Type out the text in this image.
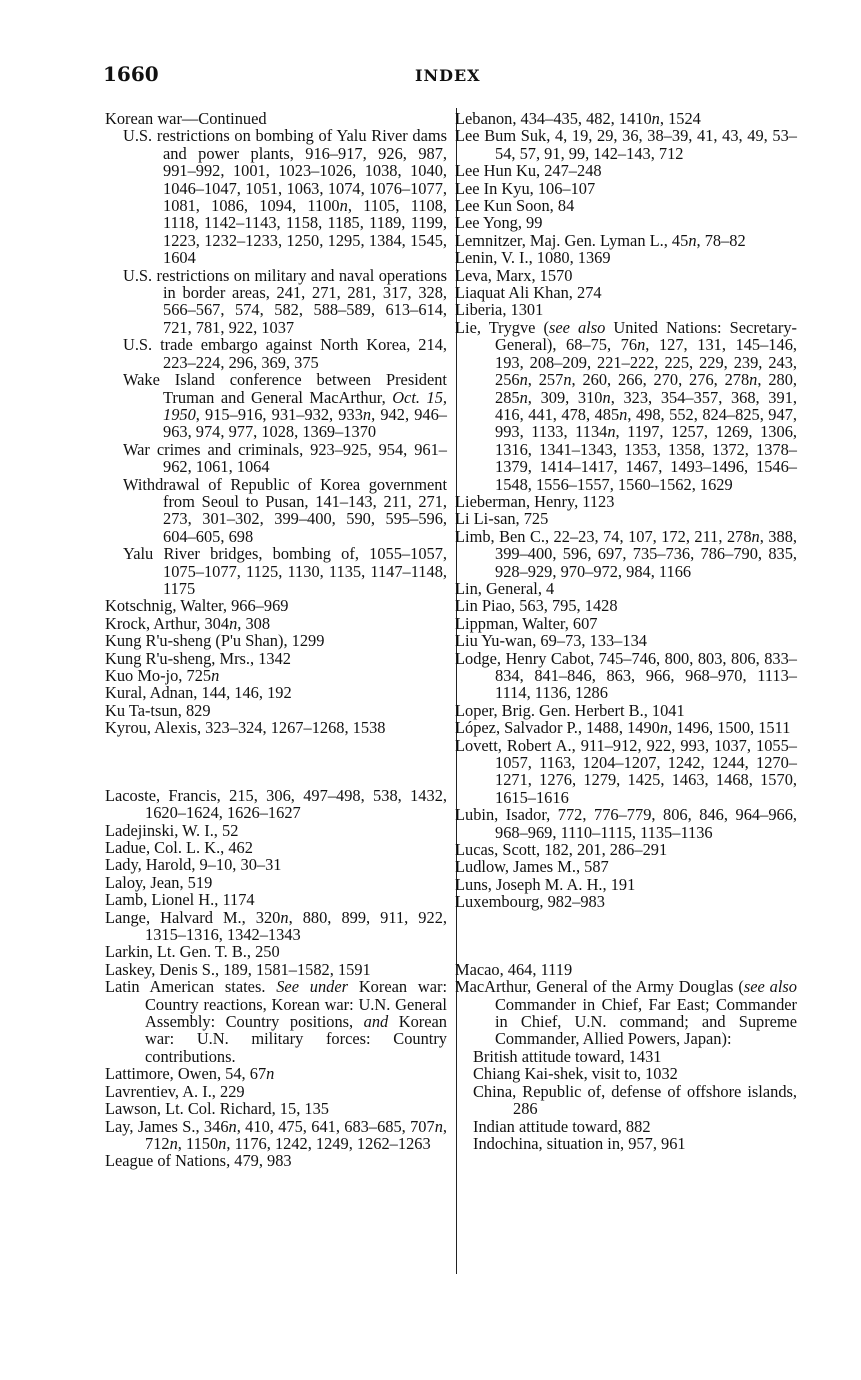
1660	INDEX

Korean war—Continued

U.S. restrictions on bombing of Yalu River dams and power plants, 916–917, 926, 987, 991–992, 1001, 1023–1026, 1038, 1040, 1046–1047, 1051, 1063, 1074, 1076–1077, 1081, 1086, 1094, 1100n, 1105, 1108, 1118, 1142–1143, 1158, 1185, 1189, 1199, 1223, 1232–1233, 1250, 1295, 1384, 1545, 1604

U.S. restrictions on military and naval operations in border areas, 241, 271, 281, 317, 328, 566–567, 574, 582, 588–589, 613–614, 721, 781, 922, 1037

U.S. trade embargo against North Korea, 214, 223–224, 296, 369, 375

Wake Island conference between President Truman and General MacArthur, Oct. 15, 1950, 915–916, 931–932, 933n, 942, 946–963, 974, 977, 1028, 1369–1370

War crimes and criminals, 923–925, 954, 961–962, 1061, 1064

Withdrawal of Republic of Korea government from Seoul to Pusan, 141–143, 211, 271, 273, 301–302, 399–400, 590, 595–596, 604–605, 698

Yalu River bridges, bombing of, 1055–1057, 1075–1077, 1125, 1130, 1135, 1147–1148, 1175

Kotschnig, Walter, 966–969

Krock, Arthur, 304n, 308

Kung R'u-sheng (P'u Shan), 1299

Kung R'u-sheng, Mrs., 1342

Kuo Mo-jo, 725n

Kural, Adnan, 144, 146, 192

Ku Ta-tsun, 829

Kyrou, Alexis, 323–324, 1267–1268, 1538

Lacoste, Francis, 215, 306, 497–498, 538, 1432, 1620–1624, 1626–1627

Ladejinski, W. I., 52

Ladue, Col. L. K., 462

Lady, Harold, 9–10, 30–31

Laloy, Jean, 519

Lamb, Lionel H., 1174

Lange, Halvard M., 320n, 880, 899, 911, 922, 1315–1316, 1342–1343

Larkin, Lt. Gen. T. B., 250

Laskey, Denis S., 189, 1581–1582, 1591

Latin American states. See under Korean war: Country reactions, Korean war: U.N. General Assembly: Country positions, and Korean war: U.N. military forces: Country contributions.

Lattimore, Owen, 54, 67n

Lavrentiev, A. I., 229

Lawson, Lt. Col. Richard, 15, 135

Lay, James S., 346n, 410, 475, 641, 683–685, 707n, 712n, 1150n, 1176, 1242, 1249, 1262–1263

League of Nations, 479, 983

Lebanon, 434–435, 482, 1410n, 1524

Lee Bum Suk, 4, 19, 29, 36, 38–39, 41, 43, 49, 53–54, 57, 91, 99, 142–143, 712

Lee Hun Ku, 247–248

Lee In Kyu, 106–107

Lee Kun Soon, 84

Lee Yong, 99

Lemnitzer, Maj. Gen. Lyman L., 45n, 78–82

Lenin, V. I., 1080, 1369

Leva, Marx, 1570

Liaquat Ali Khan, 274

Liberia, 1301

Lie, Trygve (see also United Nations: Secretary-General), 68–75, 76n, 127, 131, 145–146, 193, 208–209, 221–222, 225, 229, 239, 243, 256n, 257n, 260, 266, 270, 276, 278n, 280, 285n, 309, 310n, 323, 354–357, 368, 391, 416, 441, 478, 485n, 498, 552, 824–825, 947, 993, 1133, 1134n, 1197, 1257, 1269, 1306, 1316, 1341–1343, 1353, 1358, 1372, 1378–1379, 1414–1417, 1467, 1493–1496, 1546–1548, 1556–1557, 1560–1562, 1629

Lieberman, Henry, 1123

Li Li-san, 725

Limb, Ben C., 22–23, 74, 107, 172, 211, 278n, 388, 399–400, 596, 697, 735–736, 786–790, 835, 928–929, 970–972, 984, 1166

Lin, General, 4

Lin Piao, 563, 795, 1428

Lippman, Walter, 607

Liu Yu-wan, 69–73, 133–134

Lodge, Henry Cabot, 745–746, 800, 803, 806, 833–834, 841–846, 863, 966, 968–970, 1113–1114, 1136, 1286

Loper, Brig. Gen. Herbert B., 1041

López, Salvador P., 1488, 1490n, 1496, 1500, 1511

Lovett, Robert A., 911–912, 922, 993, 1037, 1055–1057, 1163, 1204–1207, 1242, 1244, 1270–1271, 1276, 1279, 1425, 1463, 1468, 1570, 1615–1616

Lubin, Isador, 772, 776–779, 806, 846, 964–966, 968–969, 1110–1115, 1135–1136

Lucas, Scott, 182, 201, 286–291

Ludlow, James M., 587

Luns, Joseph M. A. H., 191

Luxembourg, 982–983

Macao, 464, 1119

MacArthur, General of the Army Douglas (see also Commander in Chief, Far East; Commander in Chief, U.N. command; and Supreme Commander, Allied Powers, Japan):

British attitude toward, 1431

Chiang Kai-shek, visit to, 1032

China, Republic of, defense of offshore islands, 286

Indian attitude toward, 882

Indochina, situation in, 957, 961
